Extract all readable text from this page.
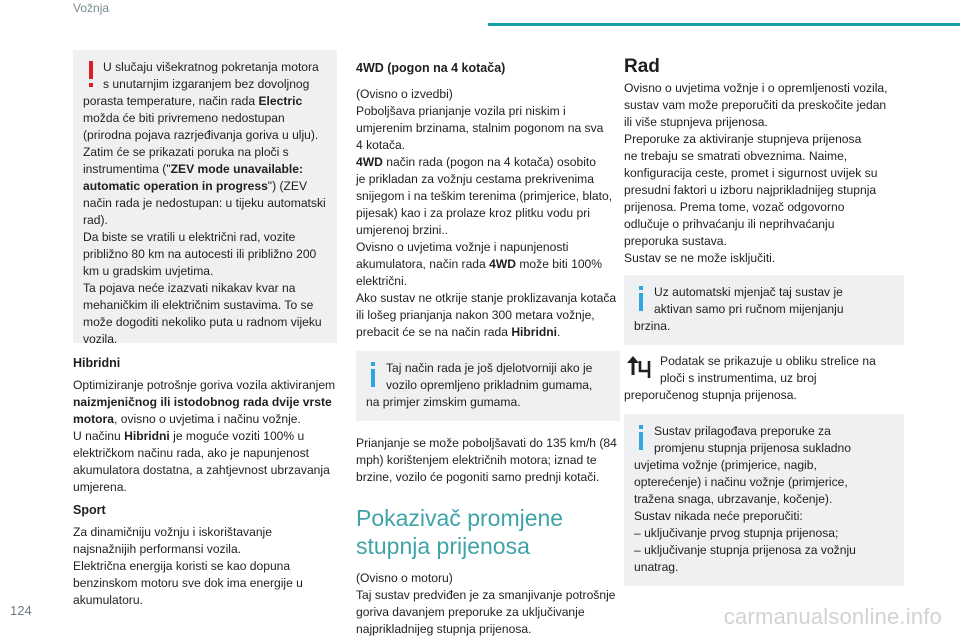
Vožnja

U slučaju višekratnog pokretanja motora

s unutarnjim izgaranjem bez dovoljnog

porasta temperature, način rada Electric

možda će biti privremeno nedostupan

(prirodna pojava razrjeđivanja goriva u ulju).

Zatim će se prikazati poruka na ploči s

instrumentima ("ZEV mode unavailable:

automatic operation in progress") (ZEV

način rada je nedostupan: u tijeku automatski

rad).

Da biste se vratili u električni rad, vozite

približno 80 km na autocesti ili približno 200

km u gradskim uvjetima.

Ta pojava neće izazvati nikakav kvar na

mehaničkim ili električnim sustavima. To se

može dogoditi nekoliko puta u radnom vijeku

vozila.

Hibridni

Optimiziranje potrošnje goriva vozila aktiviranjem

naizmjeničnog ili istodobnog rada dvije vrste

motora, ovisno o uvjetima i načinu vožnje.

U načinu Hibridni je moguće voziti 100% u

električkom načinu rada, ako je napunjenost

akumulatora dostatna, a zahtjevnost ubrzavanja

umjerena.

Sport

Za dinamičniju vožnju i iskorištavanje

najsnažnijih performansi vozila.

Električna energija koristi se kao dopuna

benzinskom motoru sve dok ima energije u

akumulatoru.

4WD (pogon na 4 kotača)

(Ovisno o izvedbi)

Poboljšava prianjanje vozila pri niskim i

umjerenim brzinama, stalnim pogonom na sva

4 kotača.

4WD način rada (pogon na 4 kotača) osobito

je prikladan za vožnju cestama prekrivenima

snijegom i na teškim terenima (primjerice, blato,

pijesak) kao i za prolaze kroz plitku vodu pri

umjerenoj brzini..

Ovisno o uvjetima vožnje i napunjenosti

akumulatora, način rada 4WD može biti 100%

električni.

Ako sustav ne otkrije stanje proklizavanja kotača

ili lošeg prianjanja nakon 300 metara vožnje,

prebacit će se na način rada Hibridni.

Taj način rada je još djelotvorniji ako je

vozilo opremljeno prikladnim gumama,

na primjer zimskim gumama.

Prianjanje se može poboljšavati do 135 km/h (84

mph) korištenjem električnih motora; iznad te

brzine, vozilo će pogoniti samo prednji kotači.

Pokazivač promjene

stupnja prijenosa

(Ovisno o motoru)

Taj sustav predviđen je za smanjivanje potrošnje

goriva davanjem preporuke za uključivanje

najprikladnijeg stupnja prijenosa.

Rad

Ovisno o uvjetima vožnje i o opremljenosti vozila,

sustav vam može preporučiti da preskočite jedan

ili više stupnjeva prijenosa.

Preporuke za aktiviranje stupnjeva prijenosa

ne trebaju se smatrati obveznima. Naime,

konfiguracija ceste, promet i sigurnost uvijek su

presudni faktori u izboru najprikladnijeg stupnja

prijenosa. Prema tome, vozač odgovorno

odlučuje o prihvaćanju ili neprihvaćanju

preporuka sustava.

Sustav se ne može isključiti.

Uz automatski mjenjač taj sustav je

aktivan samo pri ručnom mijenjanju

brzina.

Podatak se prikazuje u obliku strelice na

ploči s instrumentima, uz broj

preporučenog stupnja prijenosa.

Sustav prilagođava preporuke za

promjenu stupnja prijenosa sukladno

uvjetima vožnje (primjerice, nagib,

opterećenje) i načinu vožnje (primjerice,

tražena snaga, ubrzavanje, kočenje).

Sustav nikada neće preporučiti:

– uključivanje prvog stupnja prijenosa;

– uključivanje stupnja prijenosa za vožnju

unatrag.

124	carmanualsonline.info
